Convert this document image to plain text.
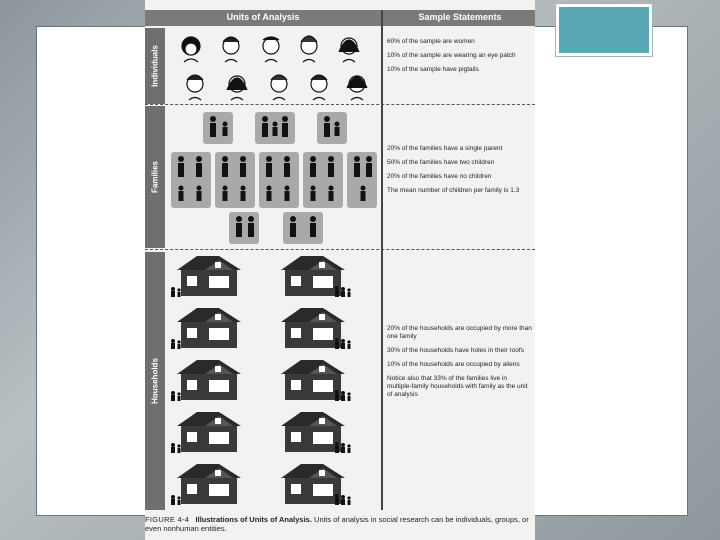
Units of Analysis	Sample Statements
Individuals
60% of the sample are women
10% of the sample are wearing an eye patch
10% of the sample have pigtails
Families
20% of the families have a single parent
50% of the families have two children
20% of the families have no children
The mean number of children per family is 1.3
Households
20% of the households are occupied by more than one family
30% of the households have holes in their roofs
10% of the households are occupied by aliens
Notice also that 33% of the families live in multiple-family households with family as the unit of analysis
FIGURE 4-4 Illustrations of Units of Analysis. Units of analysis in social research can be individuals, groups, or even nonhuman entities.
